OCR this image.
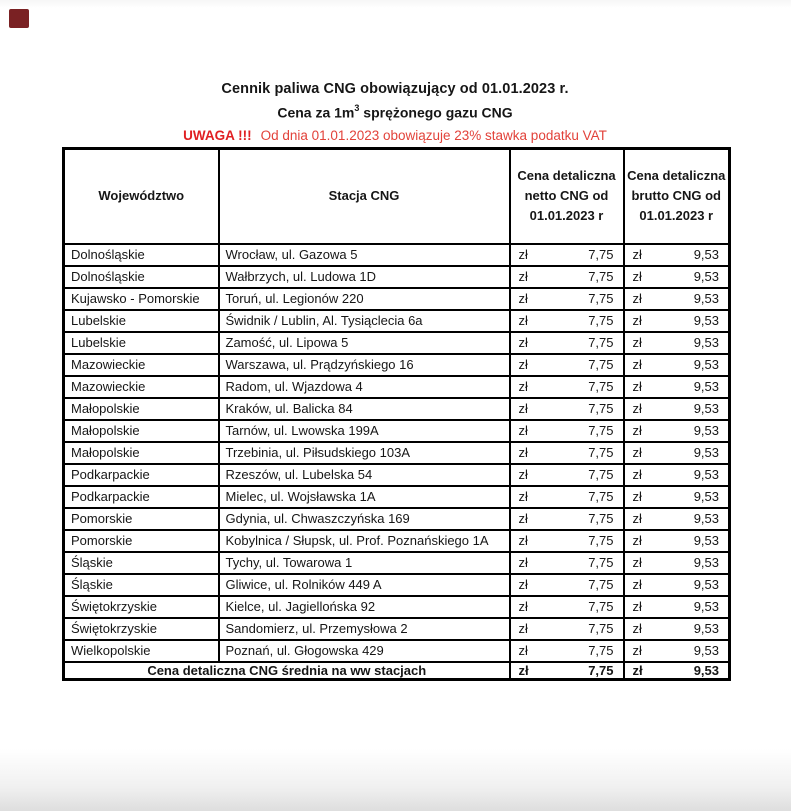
Cennik paliwa CNG obowiązujący od 01.01.2023 r.
Cena za $1m^3$ sprężonego gazu CNG
UWAGA !!! Od dnia 01.01.2023 obowiązuje 23% stawka podatku VAT
Województwo	Stacja CNG	Cena detaliczna netto CNG od 01.01.2023 r	Cena detaliczna brutto CNG od 01.01.2023 r
Dolnośląskie	Wrocław, ul. Gazowa 5	zł 7,75	zł 9,53

Dolnośląskie	Wałbrzych, ul. Ludowa 1D	zł 7,75	zł 9,53

Kujawsko - Pomorskie	Toruń, ul. Legionów 220	zł 7,75	zł 9,53

Lubelskie	Świdnik / Lublin, Al. Tysiąclecia 6a	zł 7,75	zł 9,53

Lubelskie	Zamość, ul. Lipowa 5	zł 7,75	zł 9,53

Mazowieckie	Warszawa, ul. Prądzyńskiego 16	zł 7,75	zł 9,53

Mazowieckie	Radom, ul. Wjazdowa 4	zł 7,75	zł 9,53

Małopolskie	Kraków, ul. Balicka 84	zł 7,75	zł 9,53

Małopolskie	Tarnów, ul. Lwowska 199A	zł 7,75	zł 9,53

Małopolskie	Trzebinia, ul. Piłsudskiego 103A	zł 7,75	zł 9,53

Podkarpackie	Rzeszów, ul. Lubelska 54	zł 7,75	zł 9,53

Podkarpackie	Mielec, ul. Wojsławska 1A	zł 7,75	zł 9,53

Pomorskie	Gdynia, ul. Chwaszczyńska 169	zł 7,75	zł 9,53

Pomorskie	Kobylnica / Słupsk, ul. Prof. Poznańskiego 1A	zł 7,75	zł 9,53

Śląskie	Tychy, ul. Towarowa 1	zł 7,75	zł 9,53

Śląskie	Gliwice, ul. Rolników 449 A	zł 7,75	zł 9,53

Świętokrzyskie	Kielce, ul. Jagiellońska 92	zł 7,75	zł 9,53

Świętokrzyskie	Sandomierz, ul. Przemysłowa 2	zł 7,75	zł 9,53

Wielkopolskie	Poznań, ul. Głogowska 429	zł 7,75	zł 9,53

Cena detaliczna CNG średnia na ww stacjach		zł 7,75	zł 9,53
